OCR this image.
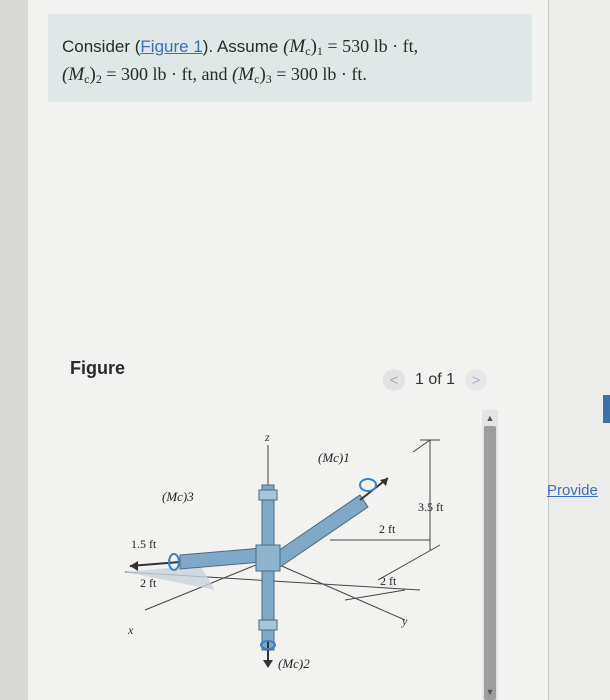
Consider (Figure 1). Assume $(M_c)_1 = 530$ lb · ft,
$(M_c)_2 = 300$ lb · ft, and $(M_c)_3 = 300$ lb · ft.
Figure
<	1 of 1	>
▲
▼
Provide
z
x
y
(Mc)1
(Mc)2
(Mc)3
1.5 ft
2 ft
2 ft
2 ft
3.5 ft
